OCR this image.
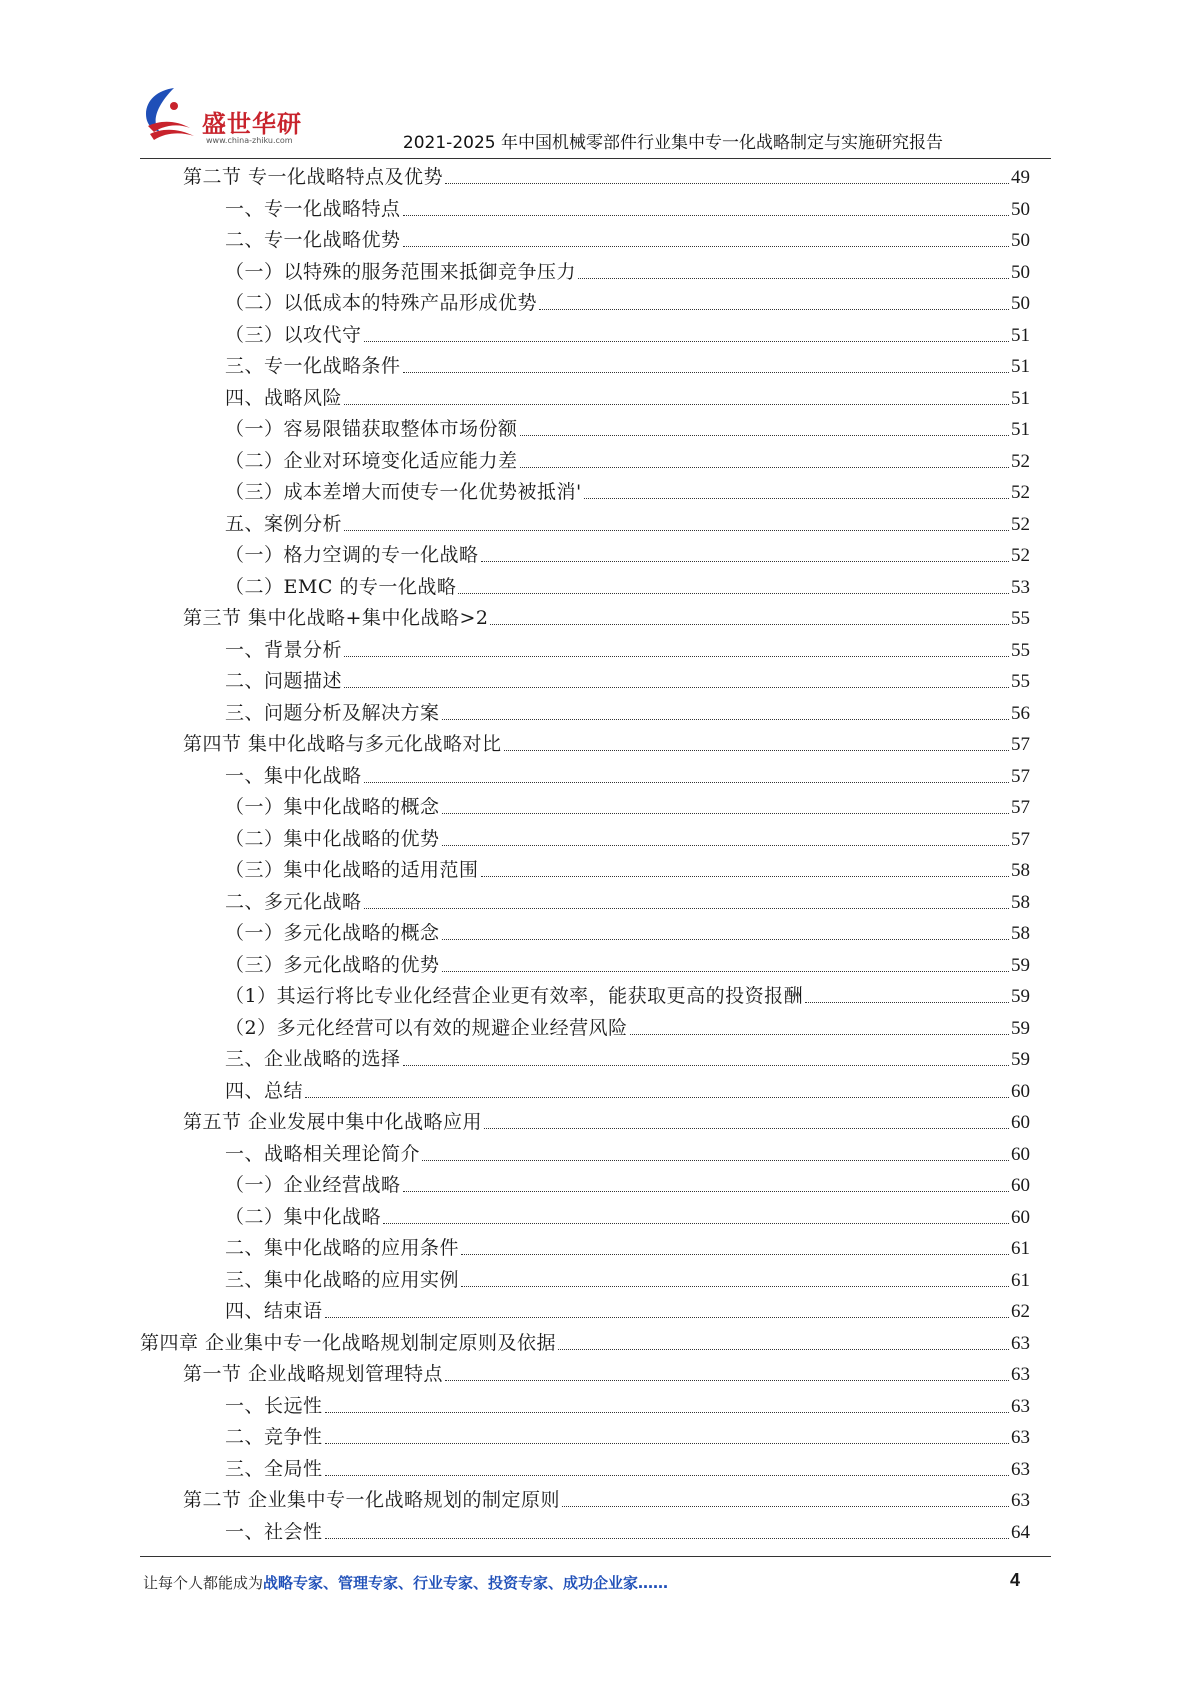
盛世华研
www.china-zhiku.com	2021-2025 年中国机械零部件行业集中专一化战略制定与实施研究报告
第二节 专一化战略特点及优势	49
一、专一化战略特点	50
二、专一化战略优势	50
（一）以特殊的服务范围来抵御竞争压力	50
（二）以低成本的特殊产品形成优势	50
（三）以攻代守	51
三、专一化战略条件	51
四、战略风险	51
（一）容易限锚获取整体市场份额	51
（二）企业对环境变化适应能力差	52
（三）成本差增大而使专一化优势被抵消'	52
五、案例分析	52
（一）格力空调的专一化战略	52
（二）EMC 的专一化战略	53
第三节 集中化战略+集中化战略>2	55
一、背景分析	55
二、问题描述	55
三、问题分析及解决方案	56
第四节 集中化战略与多元化战略对比	57
一、集中化战略	57
（一）集中化战略的概念	57
（二）集中化战略的优势	57
（三）集中化战略的适用范围	58
二、多元化战略	58
（一）多元化战略的概念	58
（三）多元化战略的优势	59
（1）其运行将比专业化经营企业更有效率，能获取更高的投资报酬	59
（2）多元化经营可以有效的规避企业经营风险	59
三、企业战略的选择	59
四、总结	60
第五节 企业发展中集中化战略应用	60
一、战略相关理论简介	60
（一）企业经营战略	60
（二）集中化战略	60
二、集中化战略的应用条件	61
三、集中化战略的应用实例	61
四、结束语	62
第四章 企业集中专一化战略规划制定原则及依据	63
第一节 企业战略规划管理特点	63
一、长远性	63
二、竞争性	63
三、全局性	63
第二节 企业集中专一化战略规划的制定原则	63
一、社会性	64
让每个人都能成为战略专家、管理专家、行业专家、投资专家、成功企业家……	4
